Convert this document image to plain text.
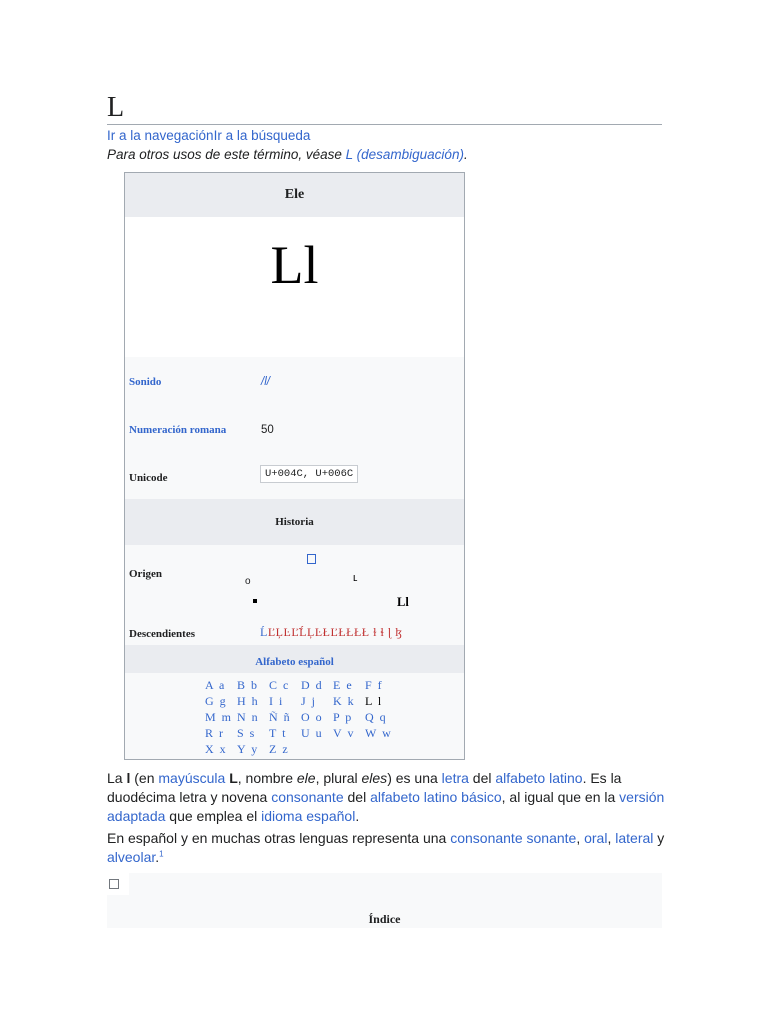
L
Ir a la navegaciónIr a la búsqueda
Para otros usos de este término, véase L (desambiguación).
Ele
Ll
Sonido	/l/
Numeración romana	50
Unicode	U+004C, U+006C
Historia
Origen
o	ʟ
Ll
Descendientes	ĹĽĻĿĽ̃ĹĻĿŁĽŁŁŁŁ ɫ ɬ ɭ ɮ
Alfabeto español
A a B b C c D d E e F f
G g H h I i	J j	K k L l
M m N n Ñ ñ O o P p	Q q
R r	S s	T t	U u V v W w
X x Y y Z z
La l (en mayúscula L, nombre ele, plural eles) es una letra del alfabeto latino. Es la duodécima letra y novena consonante del alfabeto latino básico, al igual que en la versión adaptada que emplea el idioma español.
En español y en muchas otras lenguas representa una consonante sonante, oral, lateral y alveolar.$^1$
Índice
